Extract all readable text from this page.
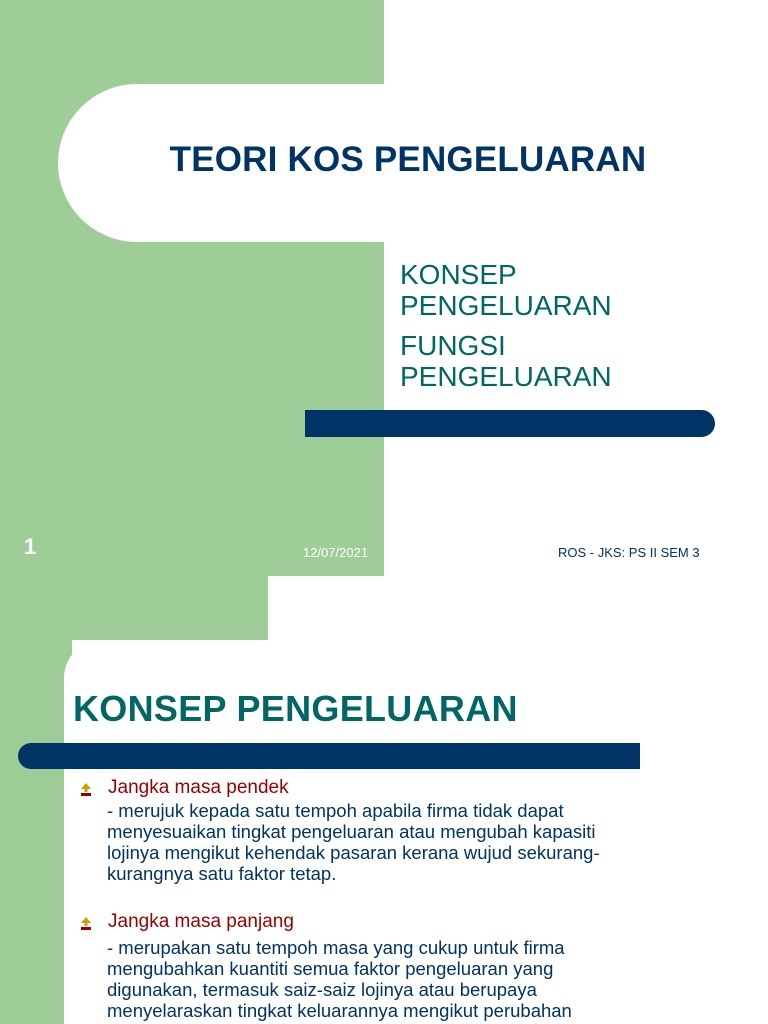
TEORI KOS PENGELUARAN
KONSEP
PENGELUARAN
FUNGSI
PENGELUARAN
1	12/07/2021	ROS - JKS: PS II SEM 3
KONSEP PENGELUARAN
Jangka masa pendek
- merujuk kepada satu tempoh apabila firma tidak dapat
menyesuaikan tingkat pengeluaran atau mengubah kapasiti
lojinya mengikut kehendak pasaran kerana wujud sekurang-
kurangnya satu faktor tetap.
Jangka masa panjang
- merupakan satu tempoh masa yang cukup untuk firma
mengubahkan kuantiti semua faktor pengeluaran yang
digunakan, termasuk saiz-saiz lojinya atau berupaya
menyelaraskan tingkat keluarannya mengikut perubahan
